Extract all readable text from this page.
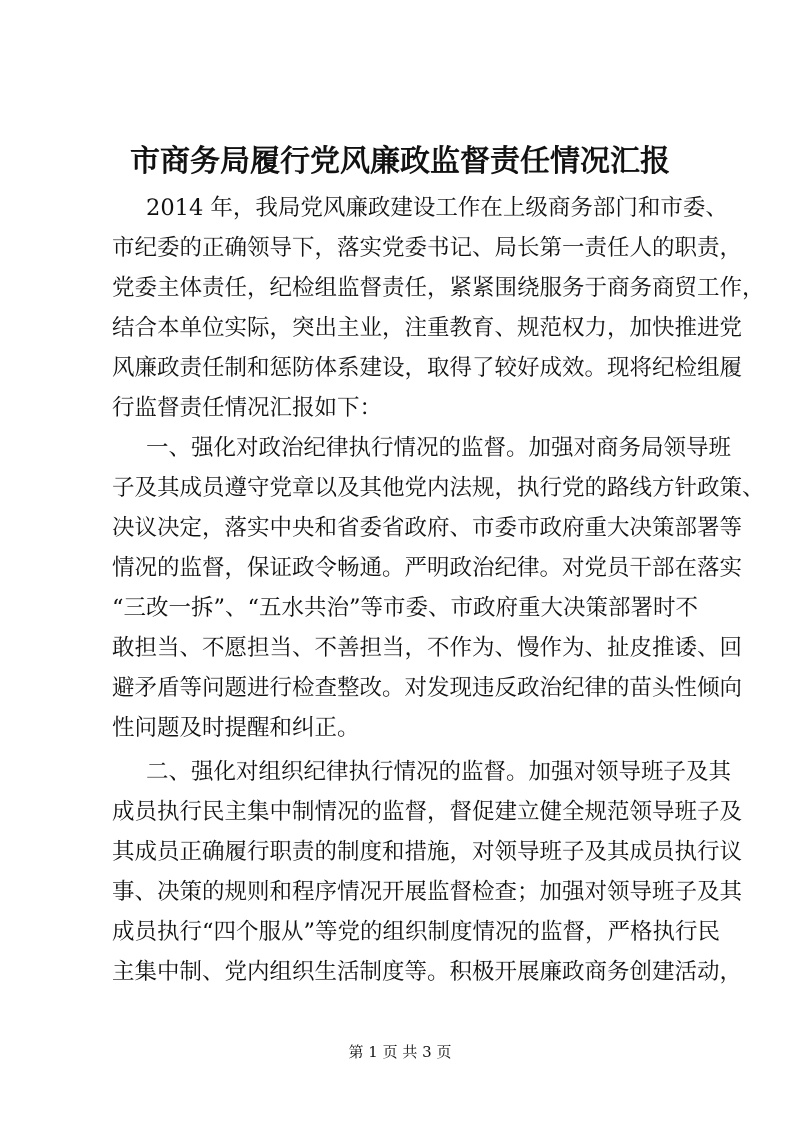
市商务局履行党风廉政监督责任情况汇报

2014 年，我局党风廉政建设工作在上级商务部门和市委、

市纪委的正确领导下，落实党委书记、局长第一责任人的职责，

党委主体责任，纪检组监督责任，紧紧围绕服务于商务商贸工作，

结合本单位实际，突出主业，注重教育、规范权力，加快推进党

风廉政责任制和惩防体系建设，取得了较好成效。现将纪检组履

行监督责任情况汇报如下：

一、强化对政治纪律执行情况的监督。加强对商务局领导班

子及其成员遵守党章以及其他党内法规，执行党的路线方针政策、

决议决定，落实中央和省委省政府、市委市政府重大决策部署等

情况的监督，保证政令畅通。严明政治纪律。对党员干部在落实

“三改一拆”、“五水共治”等市委、市政府重大决策部署时不

敢担当、不愿担当、不善担当，不作为、慢作为、扯皮推诿、回

避矛盾等问题进行检查整改。对发现违反政治纪律的苗头性倾向

性问题及时提醒和纠正。

二、强化对组织纪律执行情况的监督。加强对领导班子及其

成员执行民主集中制情况的监督，督促建立健全规范领导班子及

其成员正确履行职责的制度和措施，对领导班子及其成员执行议

事、决策的规则和程序情况开展监督检查；加强对领导班子及其

成员执行“四个服从”等党的组织制度情况的监督，严格执行民

主集中制、党内组织生活制度等。积极开展廉政商务创建活动，

第 1 页 共 3 页
